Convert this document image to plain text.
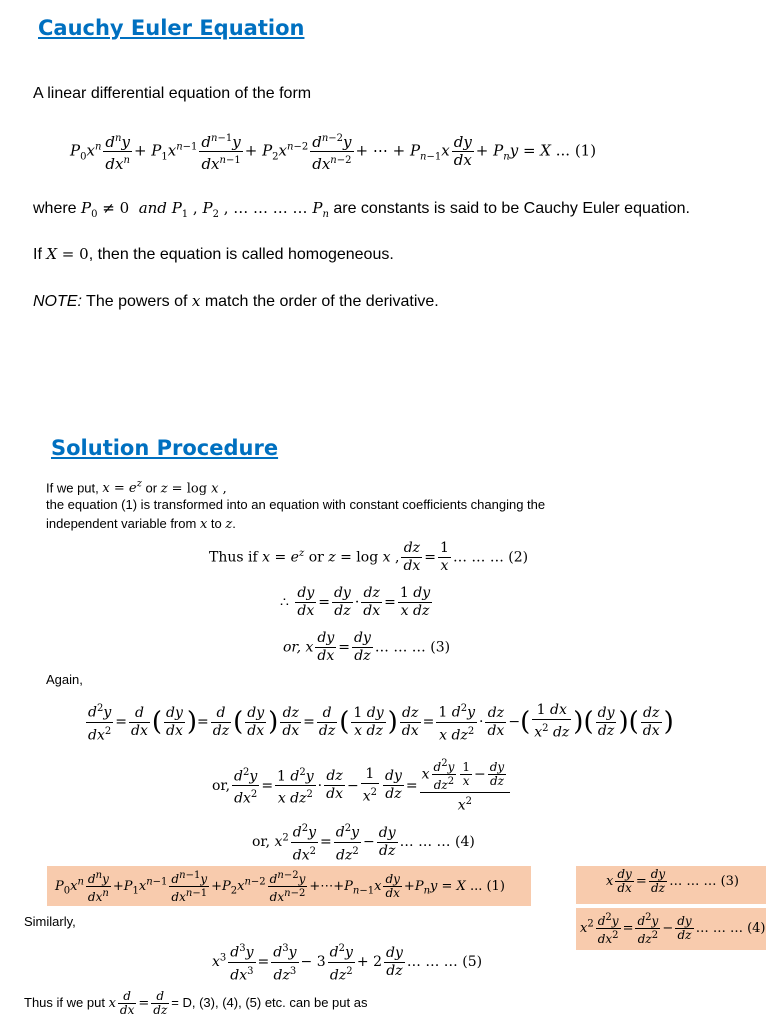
Cauchy Euler Equation
A linear differential equation of the form
$P_0x^n \frac{d^ny}{dx^n} + P_1x^{n-1} \frac{d^{n-1}y}{dx^{n-1}} + P_2x^{n-2} \frac{d^{n-2}y}{dx^{n-2}}$ + ⋯ + $P_{n-1}x \frac{dy}{dx} + P_ny = X$ ... (1)
where $P_0 \ne 0$  and $P_1$ , $P_2$ , … … … … $P_n$ are constants is said to be Cauchy Euler equation.
If X = 0, then the equation is called homogeneous.
NOTE: The powers of x match the order of the derivative.
Solution Procedure
If we put, $x = e^z$ or z = log x ,
the equation (1) is transformed into an equation with constant coefficients changing the
independent variable from x to z.
Thus if $x = e^z$ or z = log x , $\frac{dz}{dx} = \frac{1}{x}$ … … … (2)
∴ $\frac{dy}{dx} = \frac{dy}{dz} \cdot \frac{dz}{dx} = \frac{1 dy}{\text{x dz}}$
or, x $\frac{dy}{dx} = \frac{dy}{dz}$ … … … (3)
Again,
$\frac{d^2y}{dx^2} = \frac{d}{dx}$ ( $\frac{dy}{dx}$ )= $\frac{d}{dz}$ ( $\frac{dy}{dx}$ ) $\frac{dz}{dx} = \frac{d}{dz}$ ( $\frac{1 dy}{\text{x dz}}$ ) $\frac{dz}{dx} = \frac{1 d^2y}{x dz^2} \cdot \frac{dz}{dx}$ −( $\frac{1 dx}{x^2 dz}$ )( $\frac{dy}{dz}$ )( $\frac{dz}{dx}$ )
or, $\frac{d^2y}{dx^2} = \frac{1 d^2y}{x dz^2} \cdot \frac{dz}{dx} - \frac{1}{x^2} \frac{dy}{dz} = \frac{x \frac{d^2y}{dz^2} \frac{1}{x} - \frac{dy}{dz}}{x^2}$
or, $x^2 \frac{d^2y}{dx^2} = \frac{d^2y}{dz^2} - \frac{dy}{dz}$ … … … (4)
$P_0x^n \frac{d^ny}{dx^n} +P_1x^{n-1} \frac{d^{n-1}y}{dx^{n-1}} +P_2x^{n-2} \frac{d^{n-2}y}{dx^{n-2}}$ $+\cdots+P_{n-1}x \frac{dy}{dx} +P_ny = X$ ... (1)	x $\frac{dy}{dx} = \frac{dy}{dz}$ … … … (3)
$x^2 \frac{d^2y}{dx^2} = \frac{d^2y}{dz^2} - \frac{dy}{dz}$ … … … (4)
Similarly,
$x^3 \frac{d^3y}{dx^3} = \frac{d^3y}{dz^3} - 3 \frac{d^2y}{dz^2} + 2 \frac{dy}{dz}$ … … … (5)
Thus if we put x $\frac{d}{dx} = \frac{d}{dz} = D$, (3), (4), (5) etc. can be put as
